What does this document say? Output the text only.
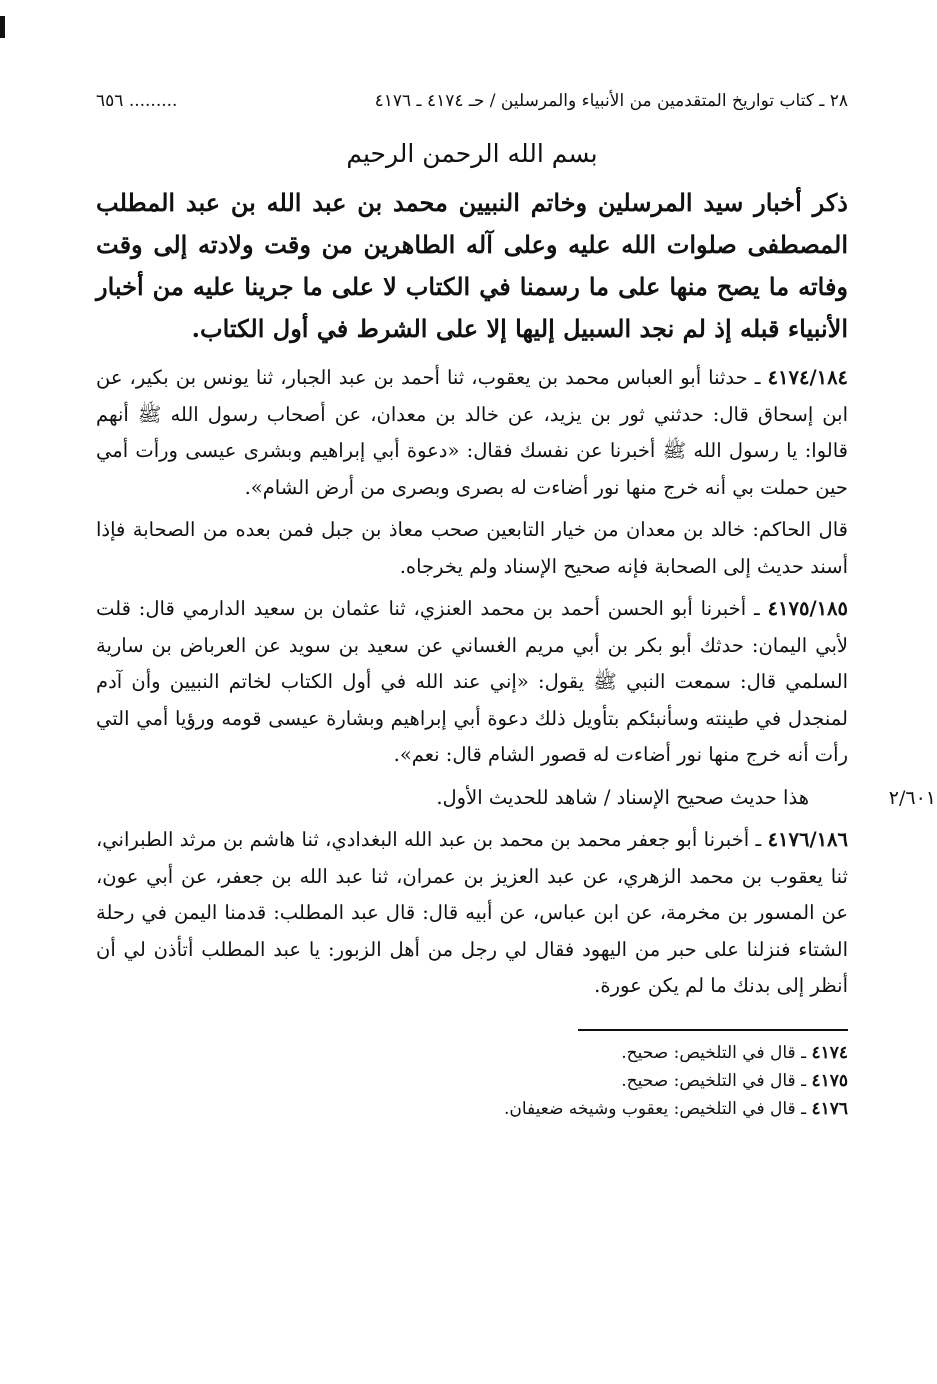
٢٨ ـ كتاب تواريخ المتقدمين من الأنبياء والمرسلين / حـ ٤١٧٤ ـ ٤١٧٦
......... ٦٥٦
بسم الله الرحمن الرحيم

ذكر أخبار سيد المرسلين وخاتم النبيين محمد بن عبد الله بن عبد المطلب المصطفى صلوات الله عليه وعلى آله الطاهرين من وقت ولادته إلى وقت وفاته ما يصح منها على ما رسمنا في الكتاب لا على ما جرينا عليه من أخبار الأنبياء قبله إذ لم نجد السبيل إليها إلا على الشرط في أول الكتاب.

٤١٧٤/١٨٤ ـ حدثنا أبو العباس محمد بن يعقوب، ثنا أحمد بن عبد الجبار، ثنا يونس بن بكير، عن ابن إسحاق قال: حدثني ثور بن يزيد، عن خالد بن معدان، عن أصحاب رسول الله ﷺ أنهم قالوا: يا رسول الله ﷺ أخبرنا عن نفسك فقال: «دعوة أبي إبراهيم وبشرى عيسى ورأت أمي حين حملت بي أنه خرج منها نور أضاءت له بصرى وبصرى من أرض الشام».

قال الحاكم: خالد بن معدان من خيار التابعين صحب معاذ بن جبل فمن بعده من الصحابة فإذا أسند حديث إلى الصحابة فإنه صحيح الإسناد ولم يخرجاه.

٤١٧٥/١٨٥ ـ أخبرنا أبو الحسن أحمد بن محمد العنزي، ثنا عثمان بن سعيد الدارمي قال: قلت لأبي اليمان: حدثك أبو بكر بن أبي مريم الغساني عن سعيد بن سويد عن العرباض بن سارية السلمي قال: سمعت النبي ﷺ يقول: «إني عند الله في أول الكتاب لخاتم النبيين وأن آدم لمنجدل في طينته وسأنبئكم بتأويل ذلك دعوة أبي إبراهيم وبشارة عيسى قومه ورؤيا أمي التي رأت أنه خرج منها نور أضاءت له قصور الشام قال: نعم».

٢/٦٠١
  هذا حديث صحيح الإسناد / شاهد للحديث الأول.

٤١٧٦/١٨٦ ـ أخبرنا أبو جعفر محمد بن محمد بن عبد الله البغدادي، ثنا هاشم بن مرثد الطبراني، ثنا يعقوب بن محمد الزهري، عن عبد العزيز بن عمران، ثنا عبد الله بن جعفر، عن أبي عون، عن المسور بن مخرمة، عن ابن عباس، عن أبيه قال: قال عبد المطلب: قدمنا اليمن في رحلة الشتاء فنزلنا على حبر من اليهود فقال لي رجل من أهل الزبور: يا عبد المطلب أتأذن لي أن أنظر إلى بدنك ما لم يكن عورة.

٤١٧٤ ـ قال في التلخيص: صحيح.
٤١٧٥ ـ قال في التلخيص: صحيح.
٤١٧٦ ـ قال في التلخيص: يعقوب وشيخه ضعيفان.
